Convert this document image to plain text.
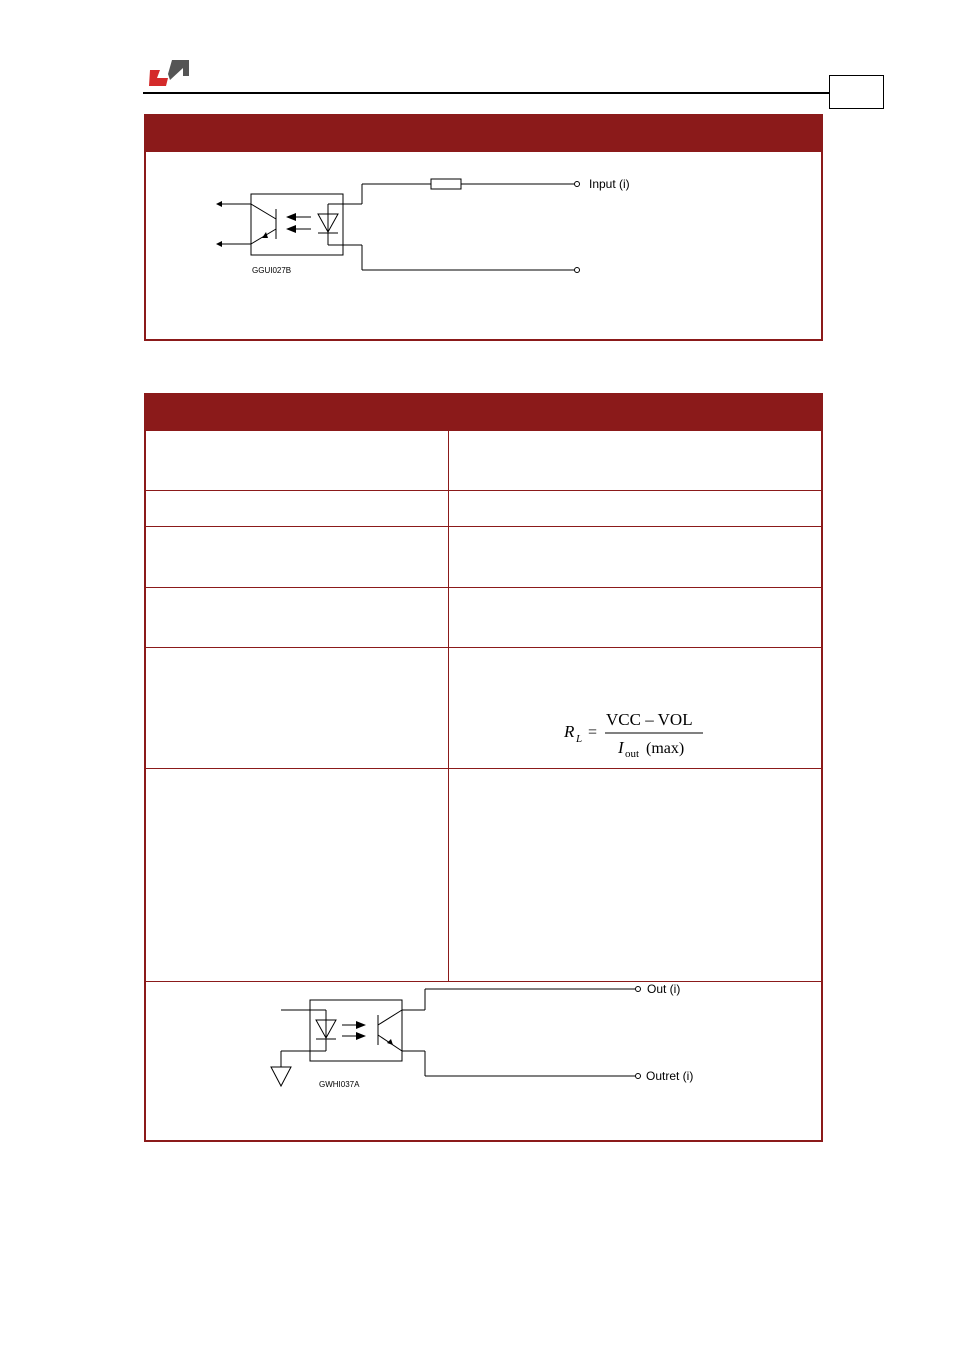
GGUI027B
Input (i)
GWHI037A
Out (i)
Outret (i)
R L =
VCC – VOL
I out (max)
